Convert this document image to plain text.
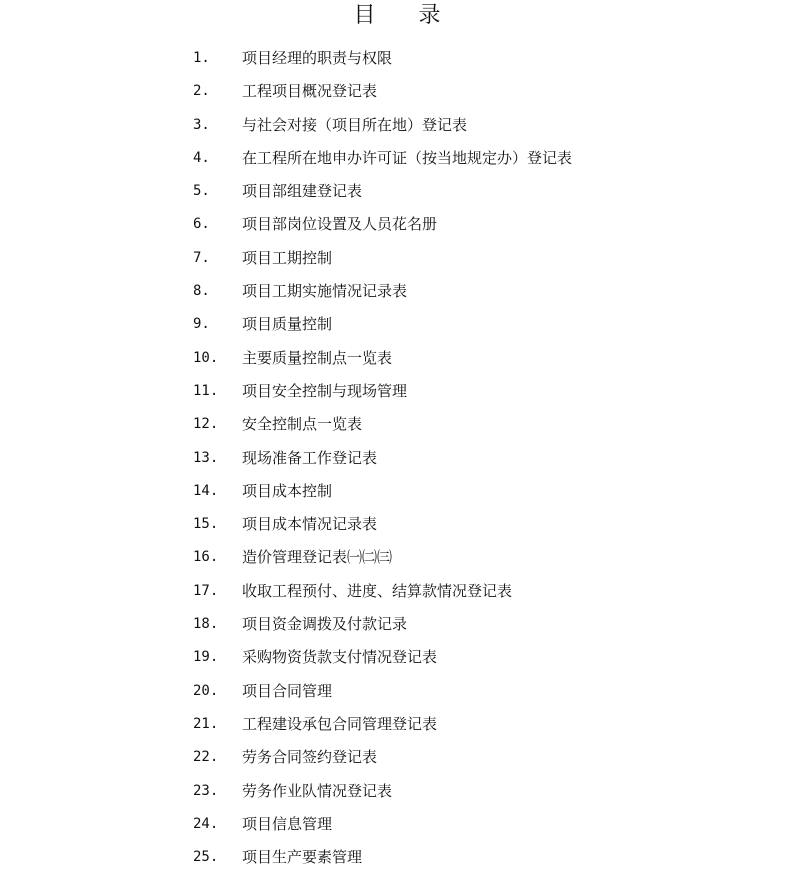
目 录
1. 项目经理的职责与权限
2. 工程项目概况登记表
3. 与社会对接（项目所在地）登记表
4. 在工程所在地申办许可证（按当地规定办）登记表
5. 项目部组建登记表
6. 项目部岗位设置及人员花名册
7. 项目工期控制
8. 项目工期实施情况记录表
9. 项目质量控制
10. 主要质量控制点一览表
11. 项目安全控制与现场管理
12. 安全控制点一览表
13. 现场准备工作登记表
14. 项目成本控制
15. 项目成本情况记录表
16. 造价管理登记表㈠㈡㈢
17. 收取工程预付、进度、结算款情况登记表
18. 项目资金调拨及付款记录
19. 采购物资货款支付情况登记表
20. 项目合同管理
21. 工程建设承包合同管理登记表
22. 劳务合同签约登记表
23. 劳务作业队情况登记表
24. 项目信息管理
25. 项目生产要素管理
